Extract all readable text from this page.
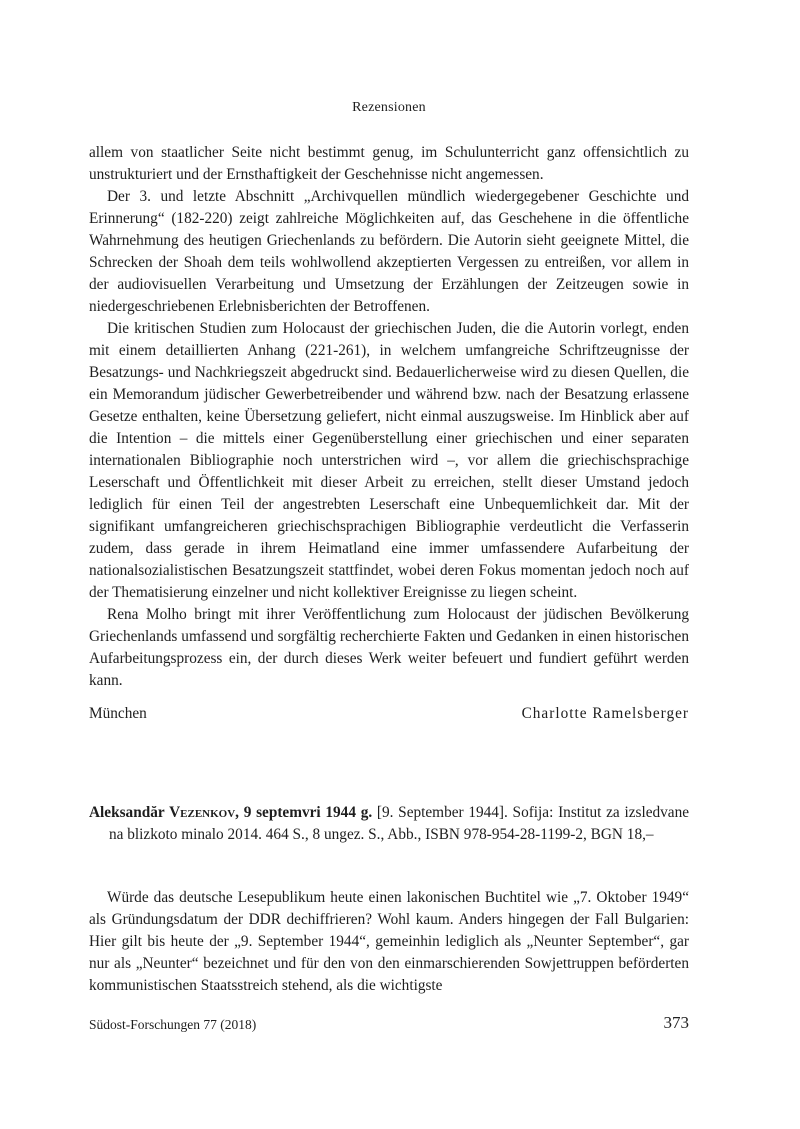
Rezensionen

allem von staatlicher Seite nicht bestimmt genug, im Schulunterricht ganz offensichtlich zu unstrukturiert und der Ernsthaftigkeit der Geschehnisse nicht angemessen.

Der 3. und letzte Abschnitt „Archivquellen mündlich wiedergegebener Geschichte und Erinnerung“ (182-220) zeigt zahlreiche Möglichkeiten auf, das Geschehene in die öffentliche Wahrnehmung des heutigen Griechenlands zu befördern. Die Autorin sieht geeignete Mittel, die Schrecken der Shoah dem teils wohlwollend akzeptierten Vergessen zu entreißen, vor allem in der audiovisuellen Verarbeitung und Umsetzung der Erzählungen der Zeitzeugen sowie in niedergeschriebenen Erlebnisberichten der Betroffenen.

Die kritischen Studien zum Holocaust der griechischen Juden, die die Autorin vorlegt, enden mit einem detaillierten Anhang (221-261), in welchem umfangreiche Schriftzeugnisse der Besatzungs- und Nachkriegszeit abgedruckt sind. Bedauerlicherweise wird zu diesen Quellen, die ein Memorandum jüdischer Gewerbetreibender und während bzw. nach der Besatzung erlassene Gesetze enthalten, keine Übersetzung geliefert, nicht einmal auszugsweise. Im Hinblick aber auf die Intention – die mittels einer Gegenüberstellung einer griechischen und einer separaten internationalen Bibliographie noch unterstrichen wird –, vor allem die griechischsprachige Leserschaft und Öffentlichkeit mit dieser Arbeit zu erreichen, stellt dieser Umstand jedoch lediglich für einen Teil der angestrebten Leserschaft eine Unbequemlichkeit dar. Mit der signifikant umfangreicheren griechischsprachigen Bibliographie verdeutlicht die Verfasserin zudem, dass gerade in ihrem Heimatland eine immer umfassendere Aufarbeitung der nationalsozialistischen Besatzungszeit stattfindet, wobei deren Fokus momentan jedoch noch auf der Thematisierung einzelner und nicht kollektiver Ereignisse zu liegen scheint.

Rena Molho bringt mit ihrer Veröffentlichung zum Holocaust der jüdischen Bevölkerung Griechenlands umfassend und sorgfältig recherchierte Fakten und Gedanken in einen historischen Aufarbeitungsprozess ein, der durch dieses Werk weiter befeuert und fundiert geführt werden kann.

München	Charlotte Ramelsberger
Aleksandăr Vezenkov, 9 septemvri 1944 g. [9. September 1944]. Sofija: Institut za izsledvane na blizkoto minalo 2014. 464 S., 8 ungez. S., Abb., ISBN 978-954-28-1199-2, BGN 18,–

Würde das deutsche Lesepublikum heute einen lakonischen Buchtitel wie „7. Oktober 1949“ als Gründungsdatum der DDR dechiffrieren? Wohl kaum. Anders hingegen der Fall Bulgarien: Hier gilt bis heute der „9. September 1944“, gemeinhin lediglich als „Neunter September“, gar nur als „Neunter“ bezeichnet und für den von den einmarschierenden Sowjettruppen beförderten kommunistischen Staatsstreich stehend, als die wichtigste

Südost-Forschungen 77 (2018)	373
